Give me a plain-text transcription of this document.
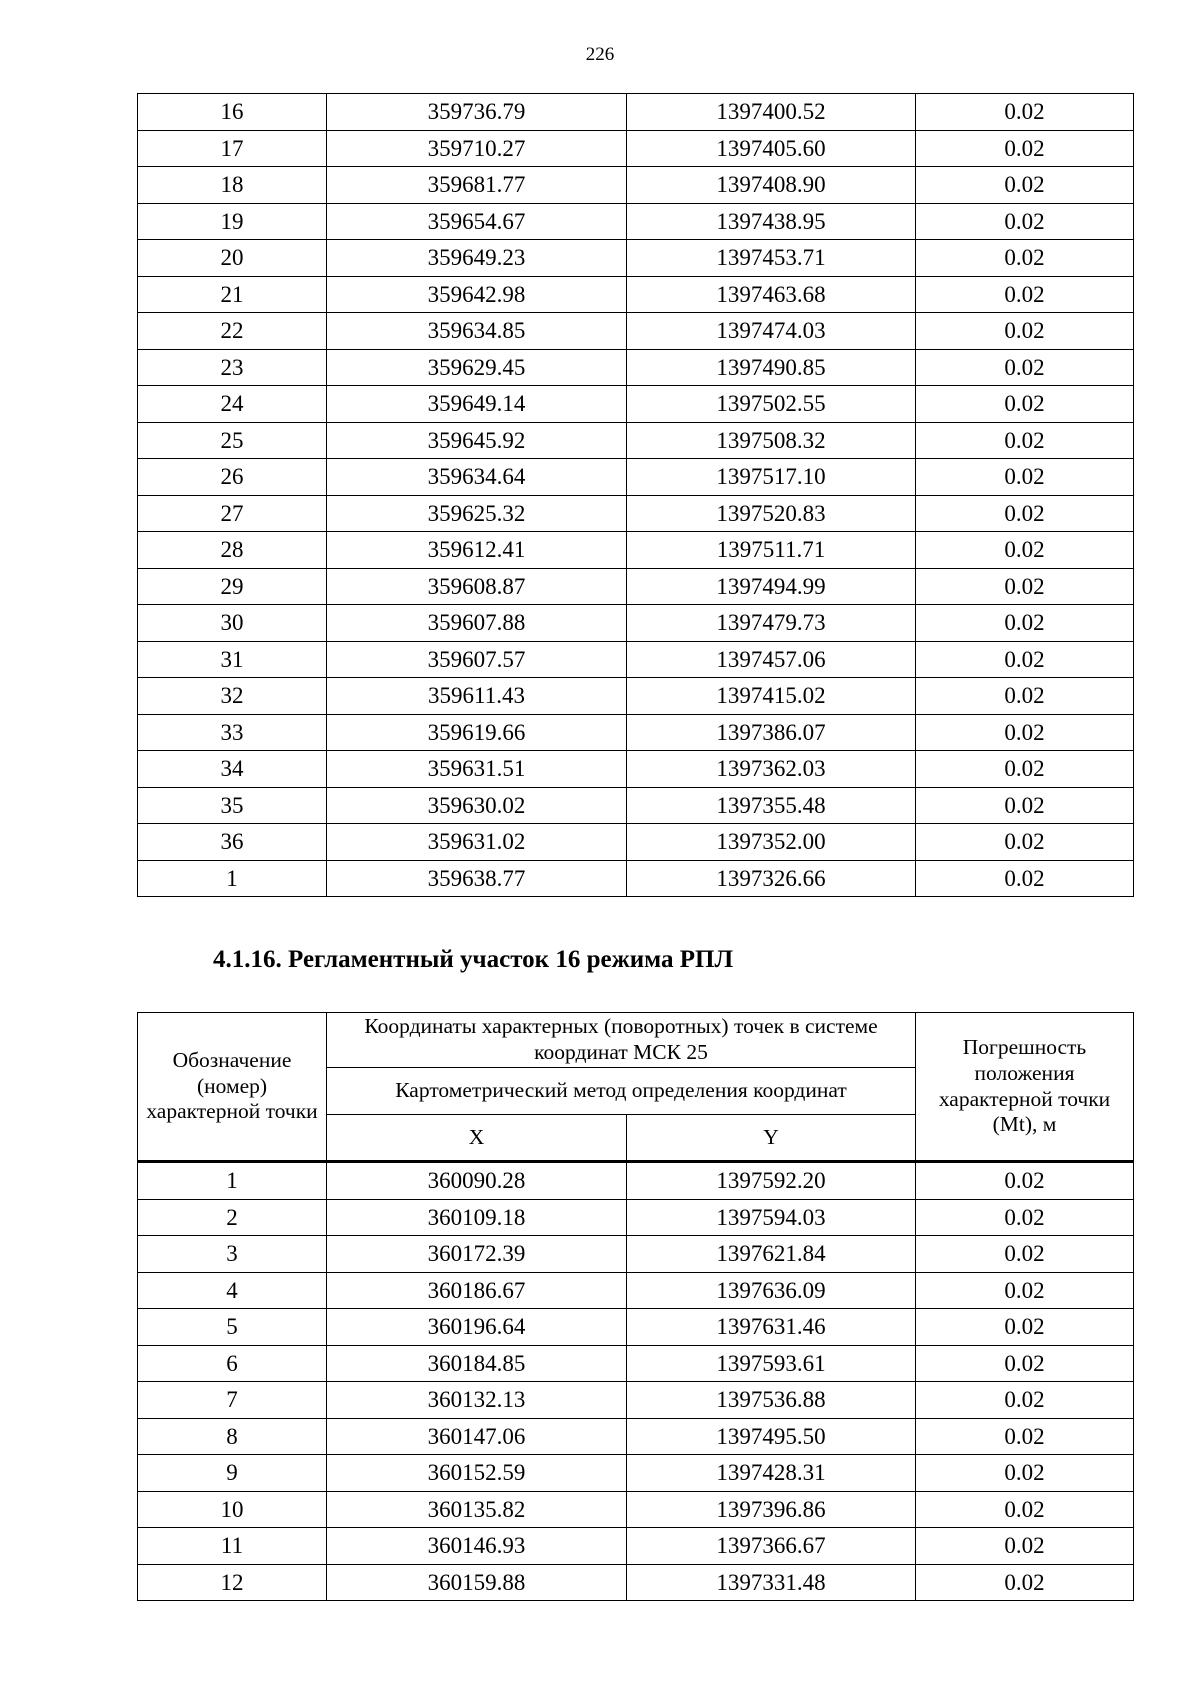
226
16	359736.79	1397400.52	0.02
17	359710.27	1397405.60	0.02
18	359681.77	1397408.90	0.02
19	359654.67	1397438.95	0.02
20	359649.23	1397453.71	0.02
21	359642.98	1397463.68	0.02
22	359634.85	1397474.03	0.02
23	359629.45	1397490.85	0.02
24	359649.14	1397502.55	0.02
25	359645.92	1397508.32	0.02
26	359634.64	1397517.10	0.02
27	359625.32	1397520.83	0.02
28	359612.41	1397511.71	0.02
29	359608.87	1397494.99	0.02
30	359607.88	1397479.73	0.02
31	359607.57	1397457.06	0.02
32	359611.43	1397415.02	0.02
33	359619.66	1397386.07	0.02
34	359631.51	1397362.03	0.02
35	359630.02	1397355.48	0.02
36	359631.02	1397352.00	0.02
1	359638.77	1397326.66	0.02
4.1.16. Регламентный участок 16 режима РПЛ
Обозначение (номер) характерной точки	Координаты характерных (поворотных) точек в системе координат МСК 25		Погрешность положения характерной точки (Mt), м
	Картометрический метод определения координат		
	X	Y	
1	360090.28	1397592.20	0.02
2	360109.18	1397594.03	0.02
3	360172.39	1397621.84	0.02
4	360186.67	1397636.09	0.02
5	360196.64	1397631.46	0.02
6	360184.85	1397593.61	0.02
7	360132.13	1397536.88	0.02
8	360147.06	1397495.50	0.02
9	360152.59	1397428.31	0.02
10	360135.82	1397396.86	0.02
11	360146.93	1397366.67	0.02
12	360159.88	1397331.48	0.02
